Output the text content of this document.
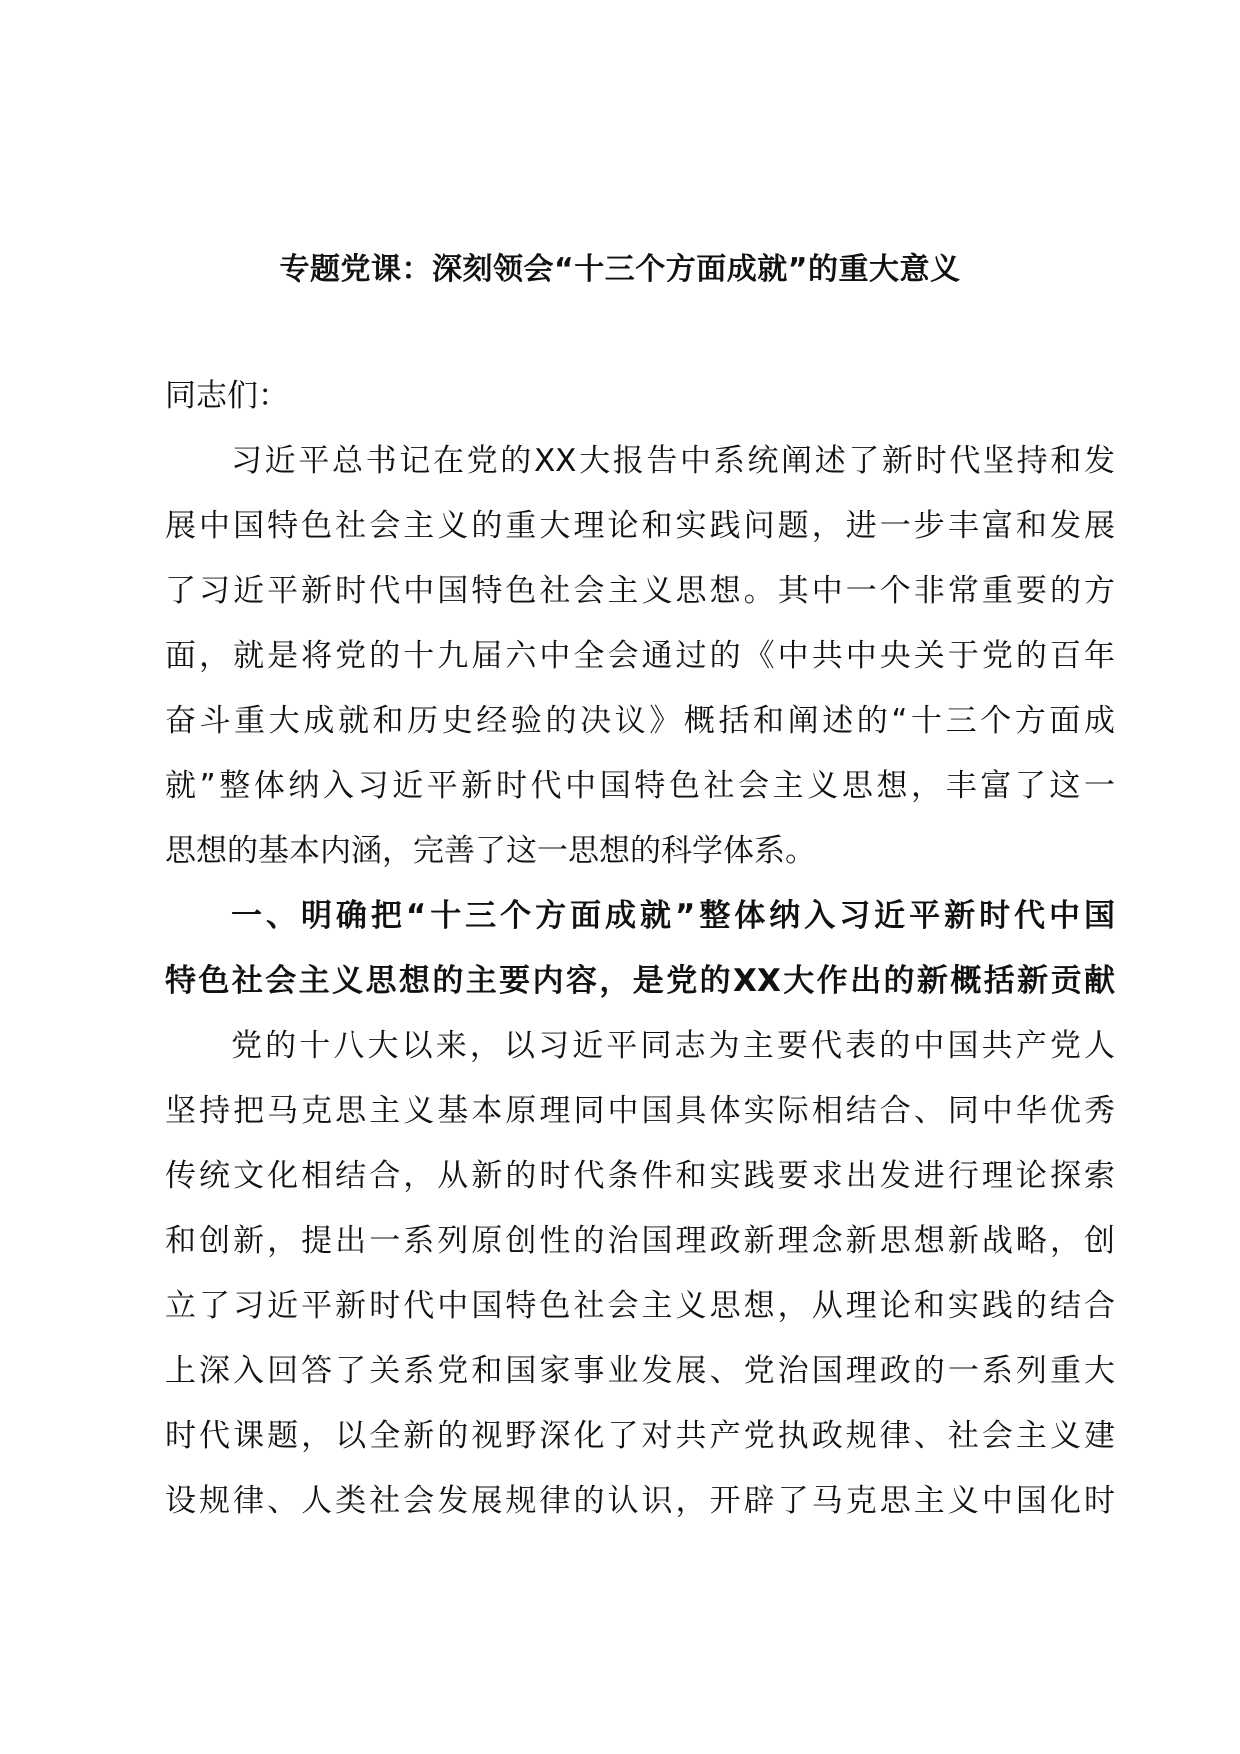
专题党课：深刻领会“十三个方面成就”的重大意义
同志们：
习近平总书记在党的XX大报告中系统阐述了新时代坚持和发
展中国特色社会主义的重大理论和实践问题，进一步丰富和发展
了习近平新时代中国特色社会主义思想。其中一个非常重要的方
面，就是将党的十九届六中全会通过的《中共中央关于党的百年
奋斗重大成就和历史经验的决议》概括和阐述的“十三个方面成
就”整体纳入习近平新时代中国特色社会主义思想，丰富了这一
思想的基本内涵，完善了这一思想的科学体系。
一、明确把“十三个方面成就”整体纳入习近平新时代中国
特色社会主义思想的主要内容，是党的XX大作出的新概括新贡献
党的十八大以来，以习近平同志为主要代表的中国共产党人
坚持把马克思主义基本原理同中国具体实际相结合、同中华优秀
传统文化相结合，从新的时代条件和实践要求出发进行理论探索
和创新，提出一系列原创性的治国理政新理念新思想新战略，创
立了习近平新时代中国特色社会主义思想，从理论和实践的结合
上深入回答了关系党和国家事业发展、党治国理政的一系列重大
时代课题，以全新的视野深化了对共产党执政规律、社会主义建
设规律、人类社会发展规律的认识，开辟了马克思主义中国化时
